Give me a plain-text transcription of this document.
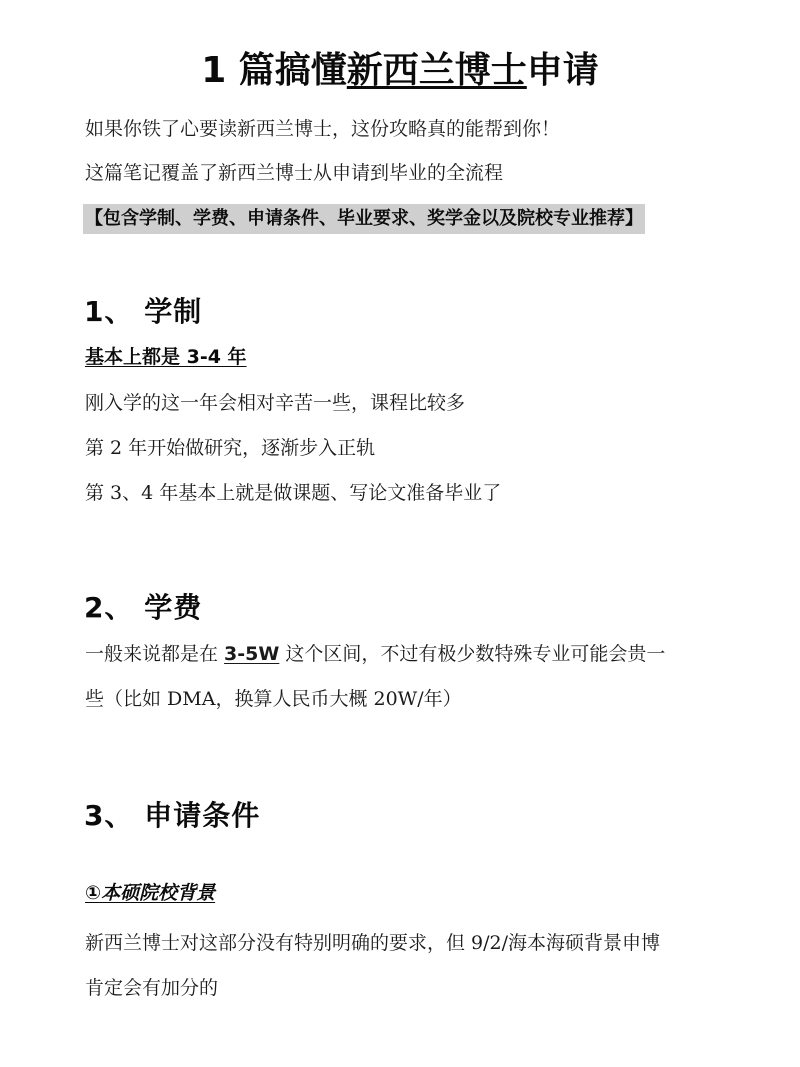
1 篇搞懂新西兰博士申请
如果你铁了心要读新西兰博士，这份攻略真的能帮到你！
这篇笔记覆盖了新西兰博士从申请到毕业的全流程
【包含学制、学费、申请条件、毕业要求、奖学金以及院校专业推荐】
1、 学制
基本上都是 3-4 年
刚入学的这一年会相对辛苦一些，课程比较多
第 2 年开始做研究，逐渐步入正轨
第 3、4 年基本上就是做课题、写论文准备毕业了
2、 学费
一般来说都是在 3-5W 这个区间，不过有极少数特殊专业可能会贵一
些（比如 DMA，换算人民币大概 20W/年）
3、 申请条件
①本硕院校背景
新西兰博士对这部分没有特别明确的要求，但 9/2/海本海硕背景申博
肯定会有加分的
